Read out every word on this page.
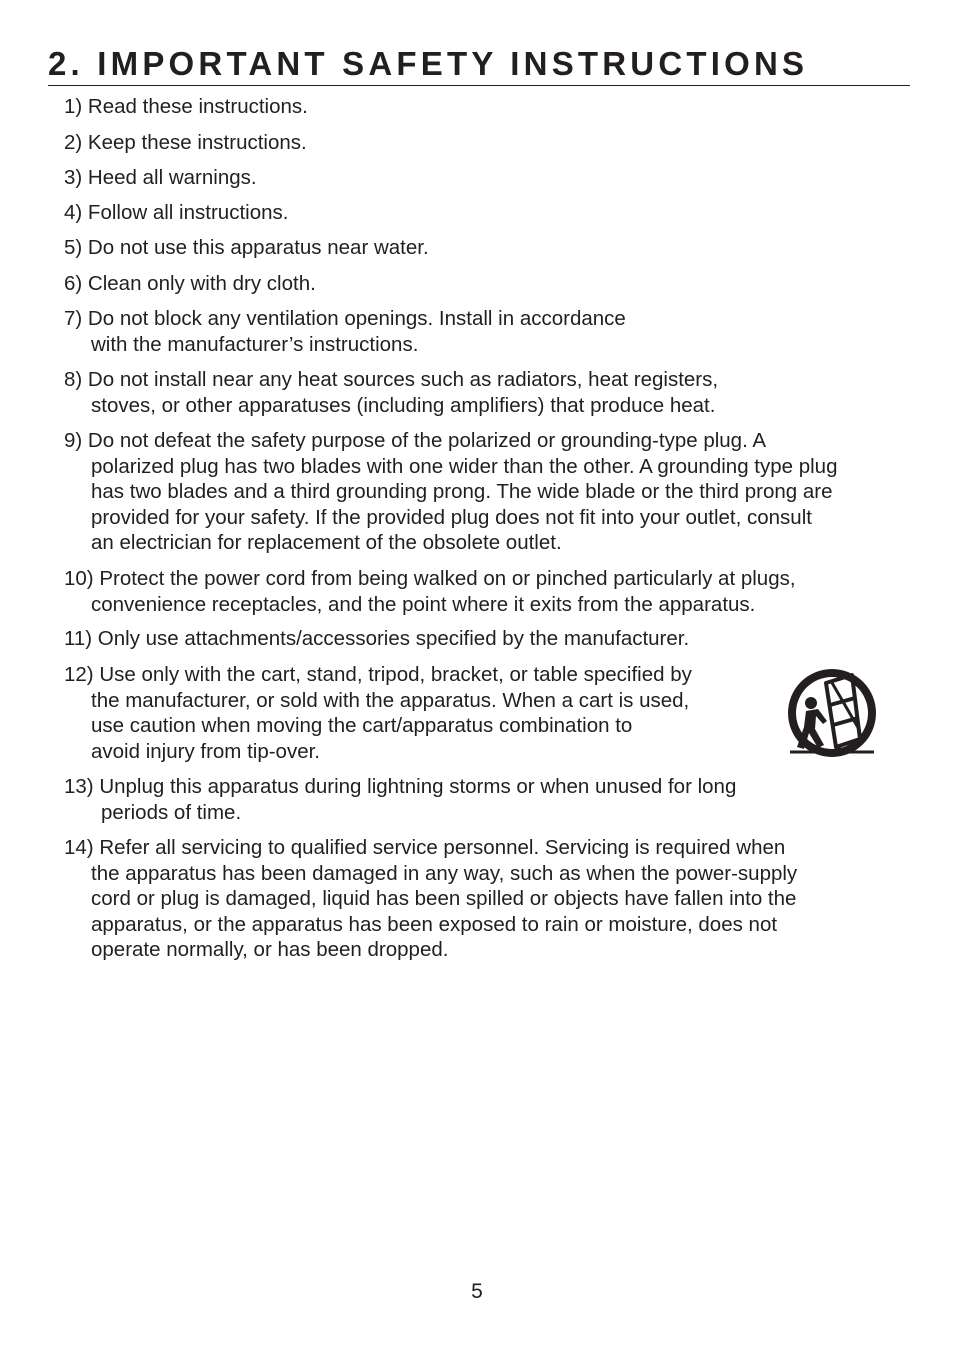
2. IMPORTANT SAFETY INSTRUCTIONS

1) Read these instructions.

2) Keep these instructions.

3) Heed all warnings.

4) Follow all instructions.

5) Do not use this apparatus near water.

6) Clean only with dry cloth.

7) Do not block any ventilation openings. Install in accordance
with the manufacturer’s instructions.

8) Do not install near any heat sources such as radiators, heat registers,
stoves, or other apparatuses (including amplifiers) that produce heat.

9) Do not defeat the safety purpose of the polarized or grounding-type plug. A
polarized plug has two blades with one wider than the other. A grounding type plug
has two blades and a third grounding prong. The wide blade or the third prong are
provided for your safety. If the provided plug does not fit into your outlet, consult
an electrician for replacement of the obsolete outlet.

10) Protect the power cord from being walked on or pinched particularly at plugs,
convenience receptacles, and the point where it exits from the apparatus.

11) Only use attachments/accessories specified by the manufacturer.

12) Use only with the cart, stand, tripod, bracket, or table specified by
the manufacturer, or sold with the apparatus. When a cart is used,
use caution when moving the cart/apparatus combination to
avoid injury from tip-over.

13) Unplug this apparatus during lightning storms or when unused for long
periods of time.

14) Refer all servicing to qualified service personnel. Servicing is required when
the apparatus has been damaged in any way, such as when the power-supply
cord or plug is damaged, liquid has been spilled or objects have fallen into the
apparatus, or the apparatus has been exposed to rain or moisture, does not
operate normally, or has been dropped.

5
